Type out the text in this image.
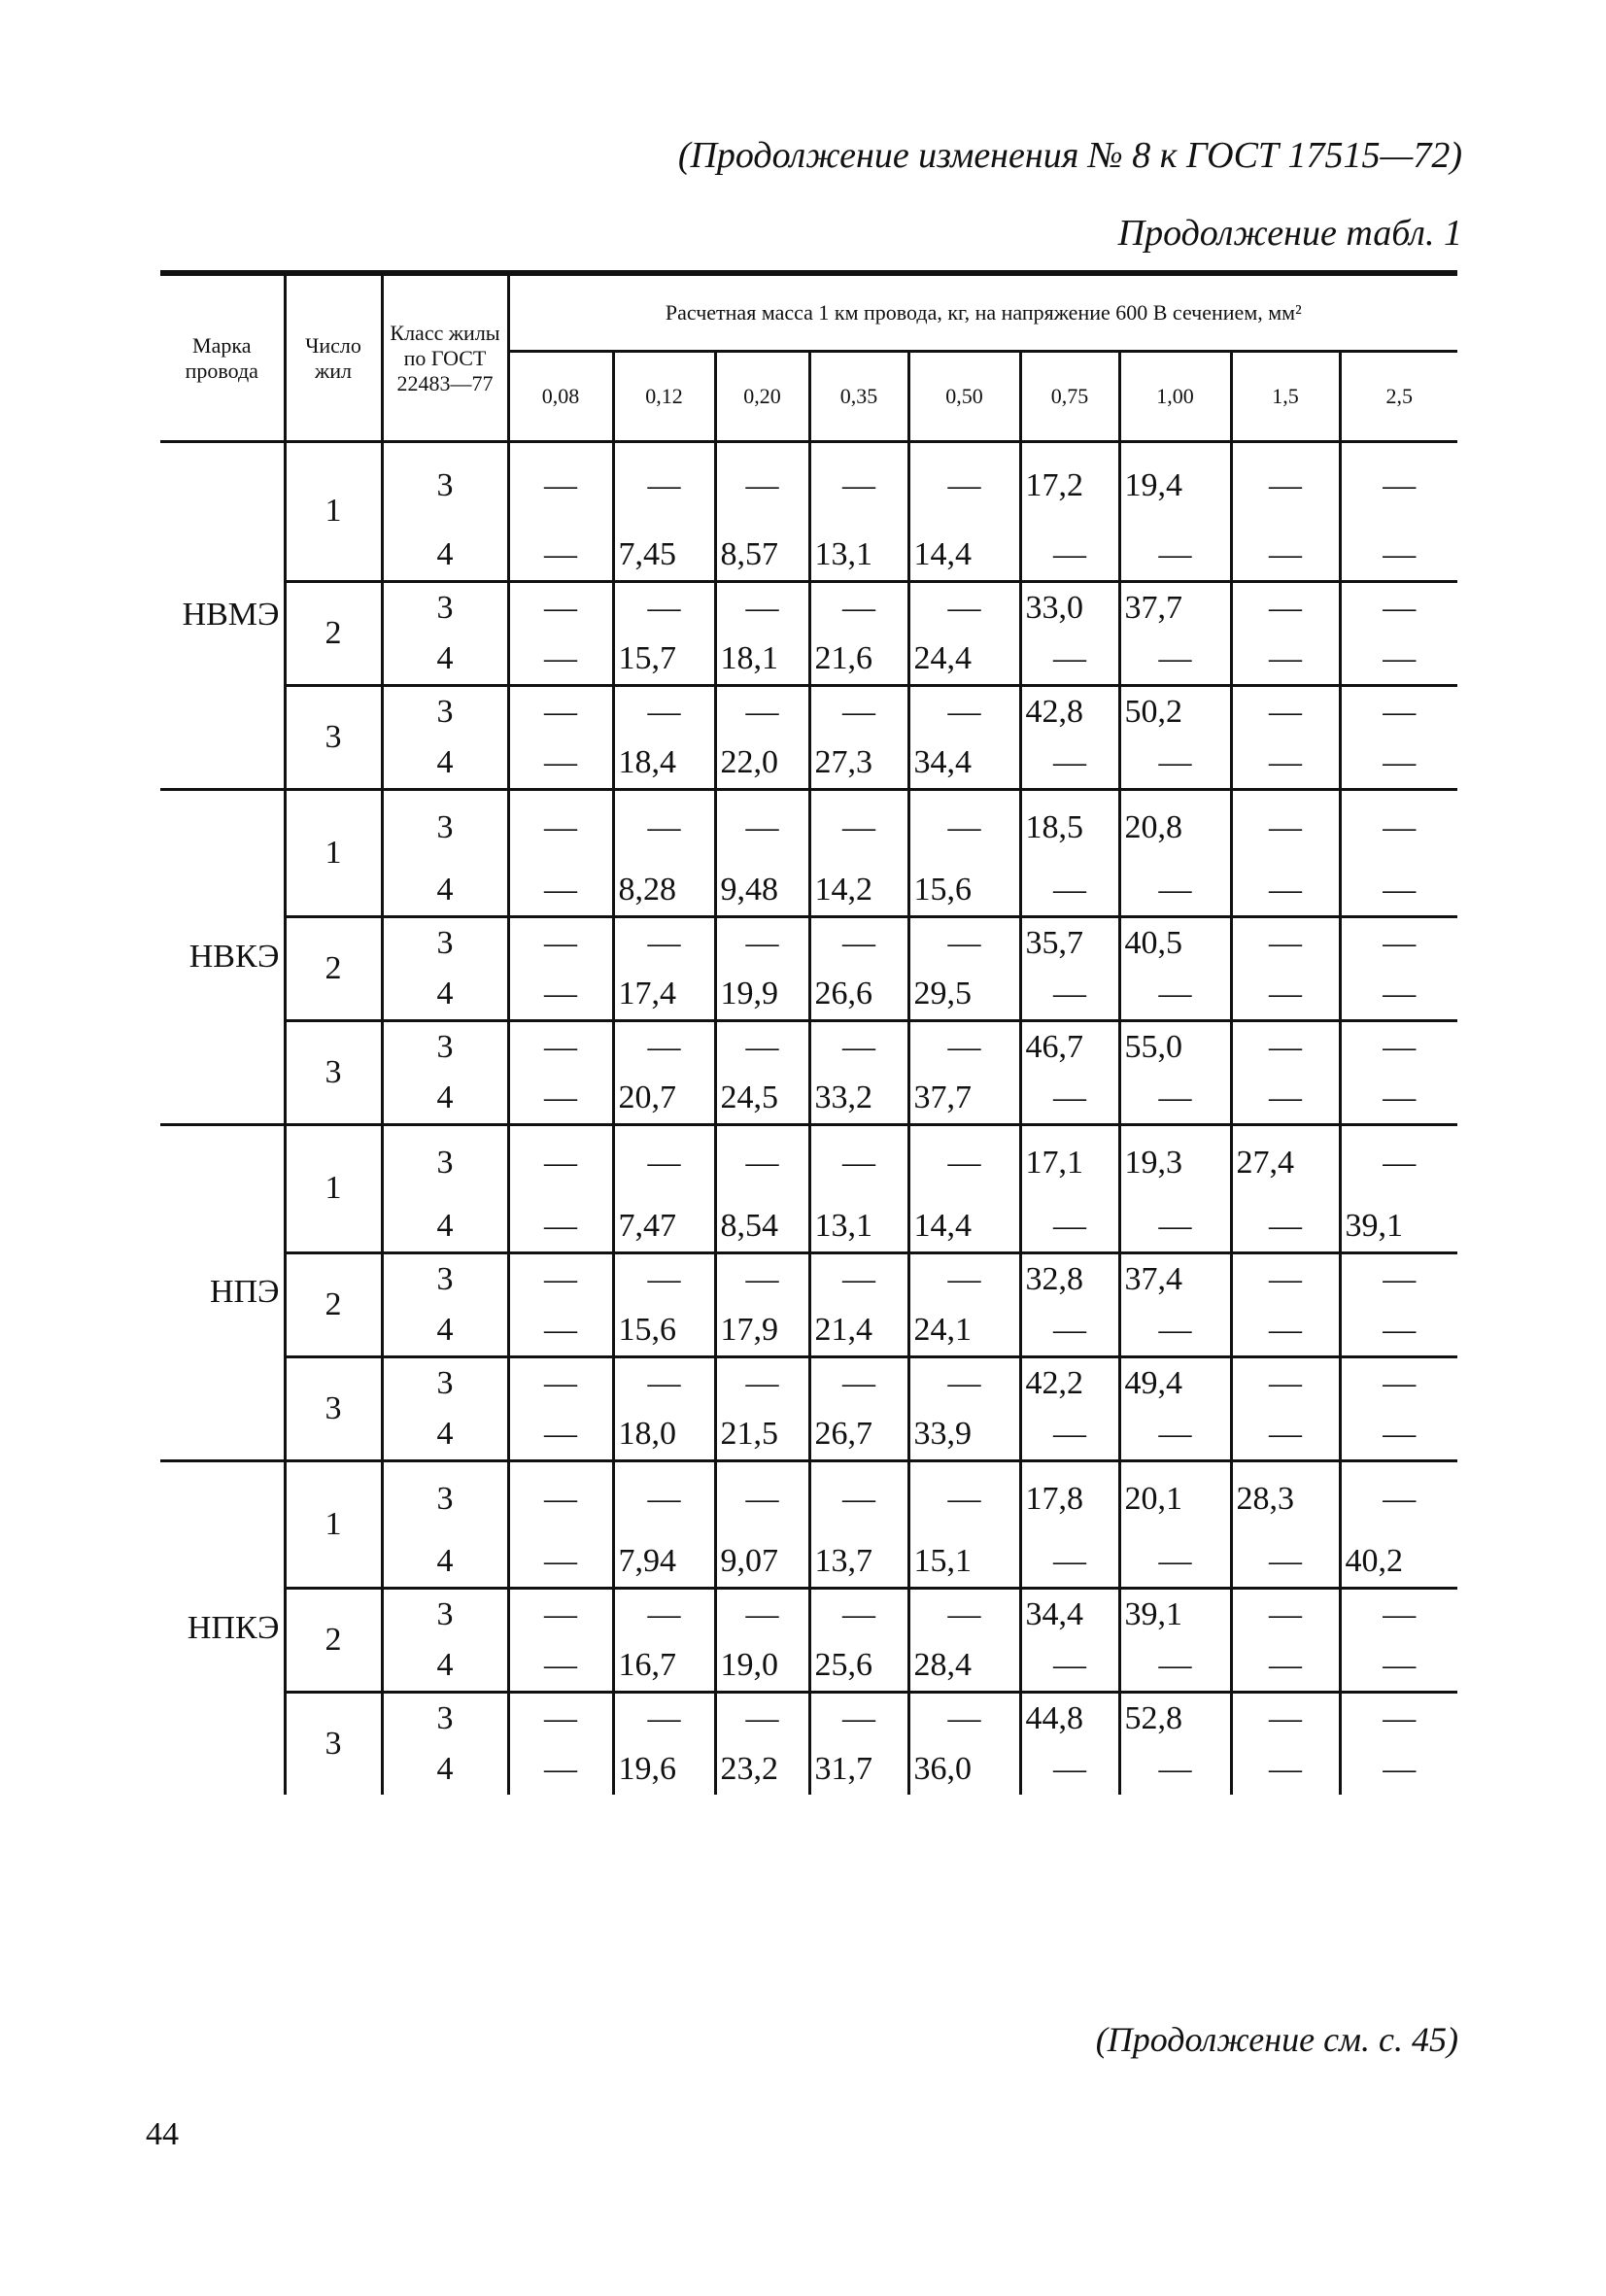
(Продолжение изменения № 8 к ГОСТ 17515—72)
Продолжение табл. 1
Марка провода	Число жил	Класс жилы по ГОСТ 22483—77	Расчетная масса 1 км провода, кг, на напряжение 600 В сечением, мм²								
			0,08	0,12	0,20	0,35	0,50	0,75	1,00	1,5	2,5
НВМЭ	1	3	—	—	—	—	—	17,2	19,4	—	—
		4	—	7,45	8,57	13,1	14,4	—	—	—	—
	2	3	—	—	—	—	—	33,0	37,7	—	—
		4	—	15,7	18,1	21,6	24,4	—	—	—	—
	3	3	—	—	—	—	—	42,8	50,2	—	—
		4	—	18,4	22,0	27,3	34,4	—	—	—	—
НВКЭ	1	3	—	—	—	—	—	18,5	20,8	—	—
		4	—	8,28	9,48	14,2	15,6	—	—	—	—
	2	3	—	—	—	—	—	35,7	40,5	—	—
		4	—	17,4	19,9	26,6	29,5	—	—	—	—
	3	3	—	—	—	—	—	46,7	55,0	—	—
		4	—	20,7	24,5	33,2	37,7	—	—	—	—
НПЭ	1	3	—	—	—	—	—	17,1	19,3	27,4	—
		4	—	7,47	8,54	13,1	14,4	—	—	—	39,1
	2	3	—	—	—	—	—	32,8	37,4	—	—
		4	—	15,6	17,9	21,4	24,1	—	—	—	—
	3	3	—	—	—	—	—	42,2	49,4	—	—
		4	—	18,0	21,5	26,7	33,9	—	—	—	—
НПКЭ	1	3	—	—	—	—	—	17,8	20,1	28,3	—
		4	—	7,94	9,07	13,7	15,1	—	—	—	40,2
	2	3	—	—	—	—	—	34,4	39,1	—	—
		4	—	16,7	19,0	25,6	28,4	—	—	—	—
	3	3	—	—	—	—	—	44,8	52,8	—	—
		4	—	19,6	23,2	31,7	36,0	—	—	—	—
(Продолжение см. с. 45)
44
